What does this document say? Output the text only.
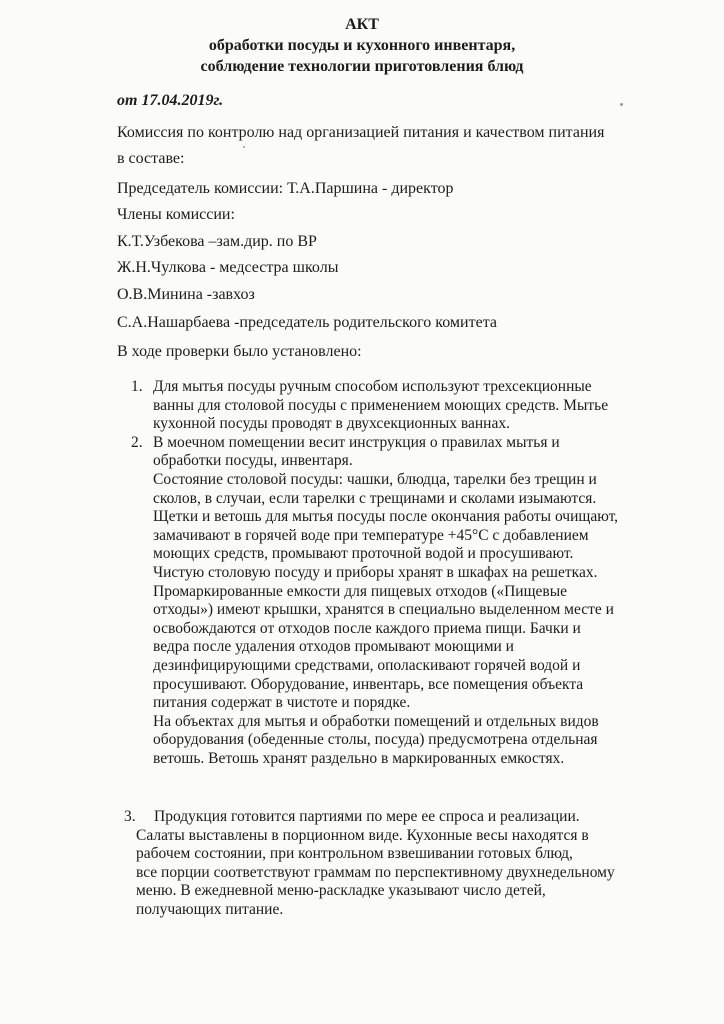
АКТ
обработки посуды и кухонного инвентаря,
соблюдение технологии приготовления блюд
от 17.04.2019г.
Комиссия по контролю над организацией питания и качеством питания
в составе:
Председатель комиссии: Т.А.Паршина - директор
Члены комиссии:
К.Т.Узбекова –зам.дир. по ВР
Ж.Н.Чулкова - медсестра школы
О.В.Минина -завхоз
С.А.Нашарбаева -председатель родительского комитета
В ходе проверки было установлено:
1. Для мытья посуды ручным способом используют трехсекционные

ванны для столовой посуды с применением моющих средств. Мытье

кухонной посуды проводят в двухсекционных ваннах.

2. В моечном помещении весит инструкция о правилах мытья и

обработки посуды, инвентаря.

Состояние столовой посуды: чашки, блюдца, тарелки без трещин и

сколов, в случаи, если тарелки с трещинами и сколами изымаются.

Щетки и ветошь для мытья посуды после окончания работы очищают,

замачивают в горячей воде при температуре +45°С с добавлением

моющих средств, промывают проточной водой и просушивают.

Чистую столовую посуду и приборы хранят в шкафах на решетках.

Промаркированные емкости для пищевых отходов («Пищевые

отходы») имеют крышки, хранятся в специально выделенном месте и

освобождаются от отходов после каждого приема пищи. Бачки и

ведра после удаления отходов промывают моющими и

дезинфицирующими средствами, ополаскивают горячей водой и

просушивают. Оборудование, инвентарь, все помещения объекта

питания содержат в чистоте и порядке.

На объектах для мытья и обработки помещений и отдельных видов

оборудования (обеденные столы, посуда) предусмотрена отдельная

ветошь. Ветошь хранят раздельно в маркированных емкостях.

3.	Продукция готовится партиями по мере ее спроса и реализации.

Салаты выставлены в порционном виде. Кухонные весы находятся в

рабочем состоянии, при контрольном взвешивании готовых блюд,

все порции соответствуют граммам по перспективному двухнедельному

меню. В ежедневной меню-раскладке указывают число детей,

получающих питание.
